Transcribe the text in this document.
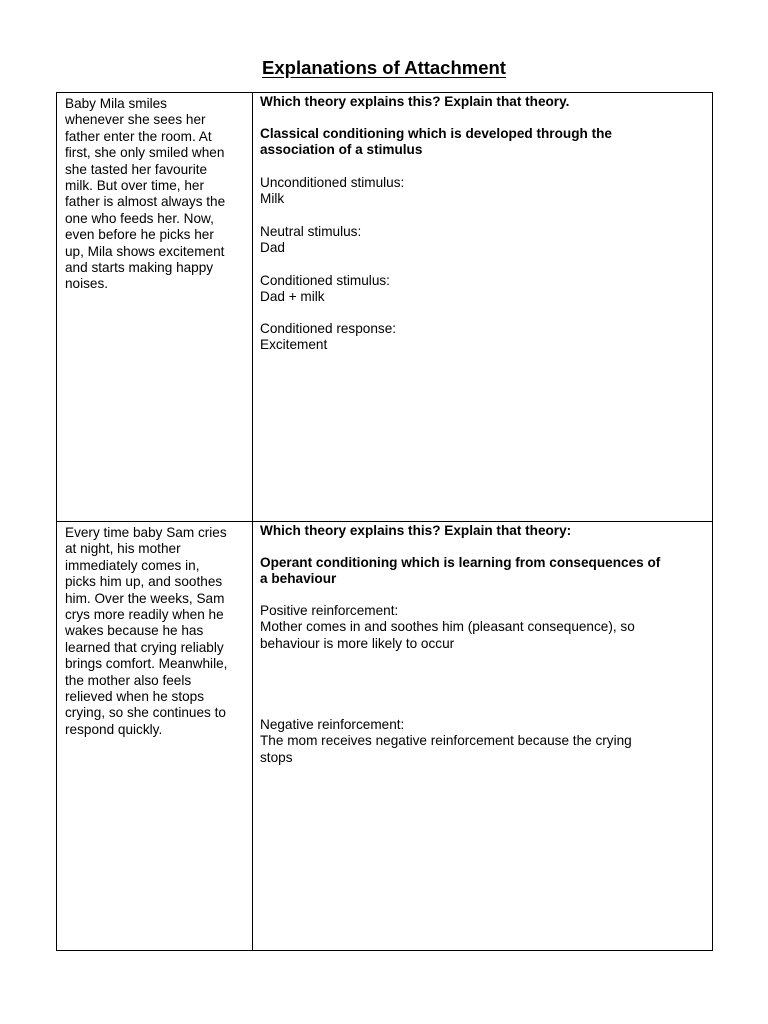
Explanations of Attachment
Baby Mila smiles
whenever she sees her
father enter the room. At
first, she only smiled when
she tasted her favourite
milk. But over time, her
father is almost always the
one who feeds her. Now,
even before he picks her
up, Mila shows excitement
and starts making happy
noises.
Which theory explains this? Explain that theory.
Classical conditioning which is developed through the
association of a stimulus
Unconditioned stimulus:
Milk
Neutral stimulus:
Dad
Conditioned stimulus:
Dad + milk
Conditioned response:
Excitement
Every time baby Sam cries
at night, his mother
immediately comes in,
picks him up, and soothes
him. Over the weeks, Sam
crys more readily when he
wakes because he has
learned that crying reliably
brings comfort. Meanwhile,
the mother also feels
relieved when he stops
crying, so she continues to
respond quickly.
Which theory explains this? Explain that theory:
Operant conditioning which is learning from consequences of
a behaviour
Positive reinforcement:
Mother comes in and soothes him (pleasant consequence), so
behaviour is more likely to occur
Negative reinforcement:
The mom receives negative reinforcement because the crying
stops
